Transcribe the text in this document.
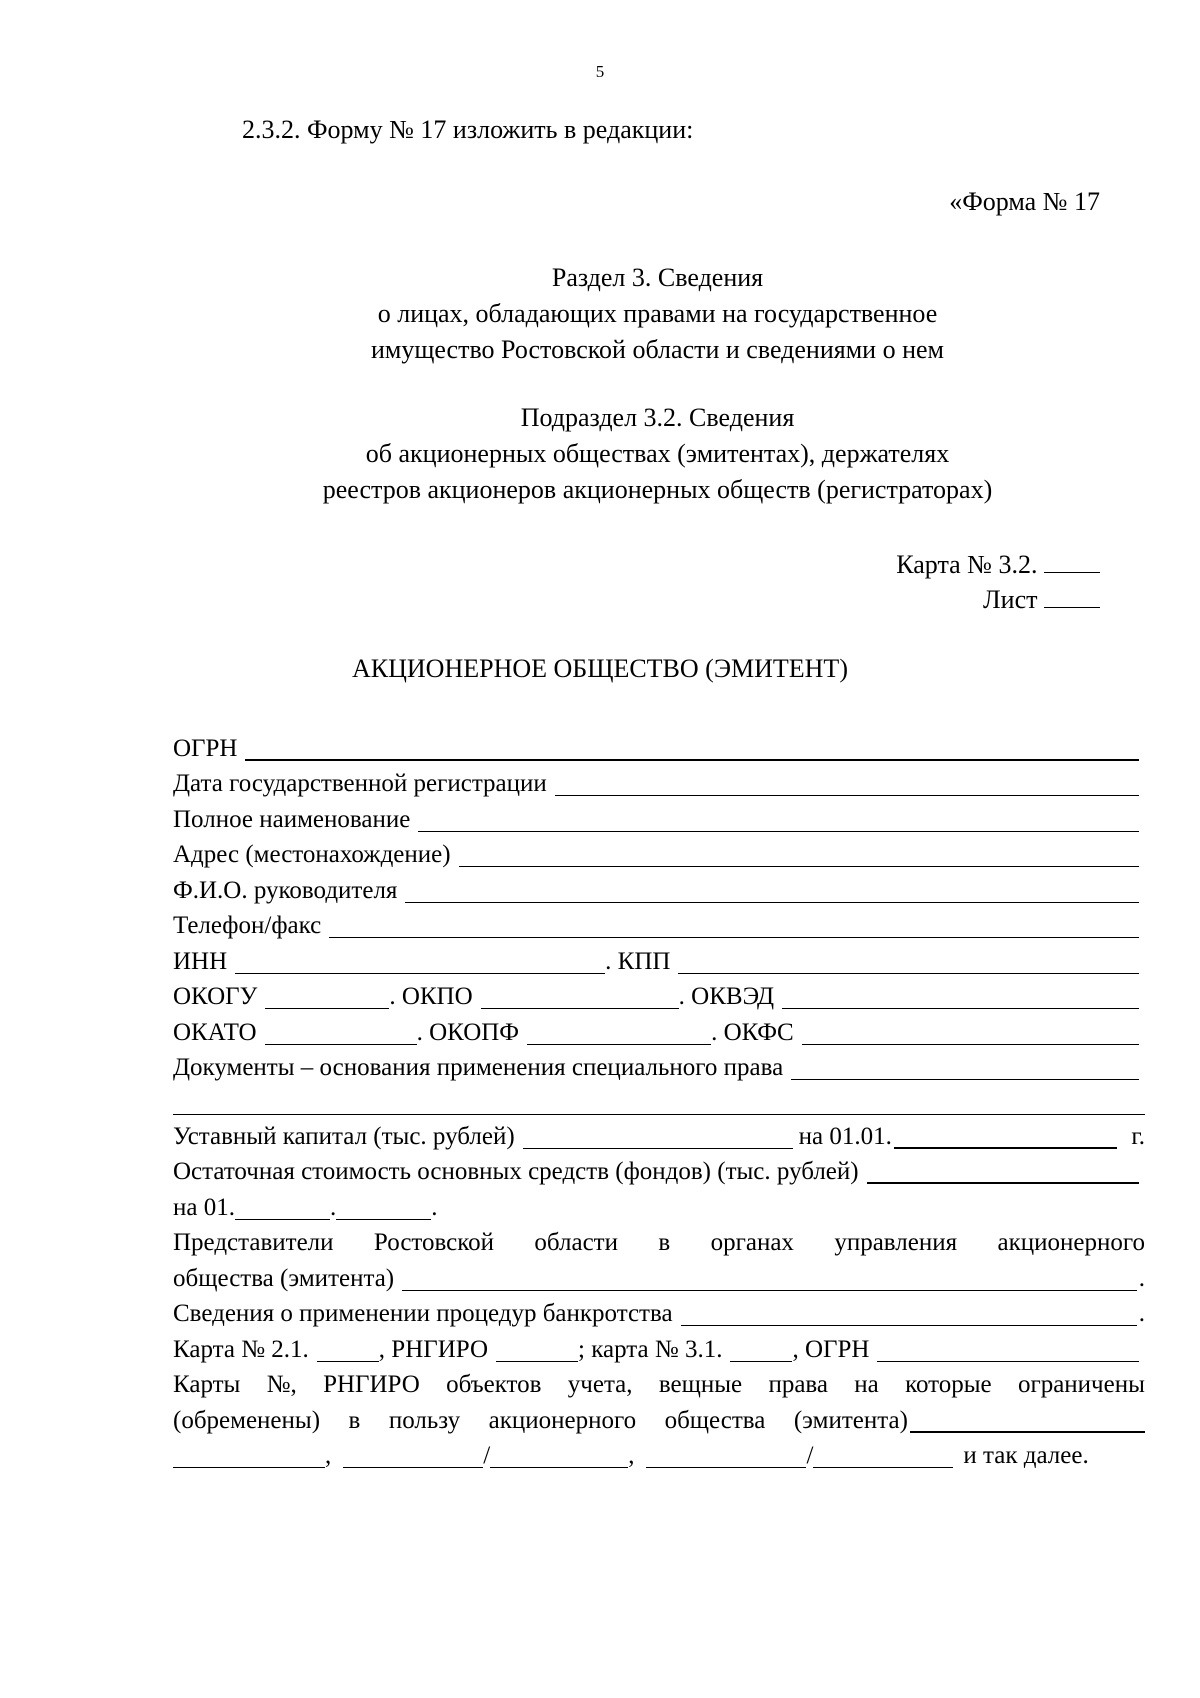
5
2.3.2. Форму № 17 изложить в редакции:
«Форма № 17
Раздел 3. Сведения
о лицах, обладающих правами на государственное
имущество Ростовской области и сведениями о нем
Подраздел 3.2. Сведения
об акционерных обществах (эмитентах), держателях
реестров акционеров акционерных обществ (регистраторах)
Карта № 3.2.
Лист
АКЦИОНЕРНОЕ ОБЩЕСТВО (ЭМИТЕНТ)
ОГРН
Дата государственной регистрации
Полное наименование
Адрес (местонахождение)
Ф.И.О. руководителя
Телефон/факс
ИНН	. КПП
ОКОГУ	. ОКПО	. ОКВЭД
ОКАТО	. ОКОПФ	. ОКФС
Документы – основания применения специального права
Уставный капитал (тыс. рублей)	на 01.01.	г.
Остаточная стоимость основных средств (фондов) (тыс. рублей)
на 01.	.	.
Представители Ростовской области в органах управления акционерного
общества (эмитента)	.
Сведения о применении процедур банкротства	.
Карта № 2.1.	, РНГИРО	; карта № 3.1.	, ОГРН
Карты №, РНГИРО объектов учета, вещные права на которые ограничены
(обременены) в пользу акционерного общества (эмитента)
,	/	,	/	и так далее.
